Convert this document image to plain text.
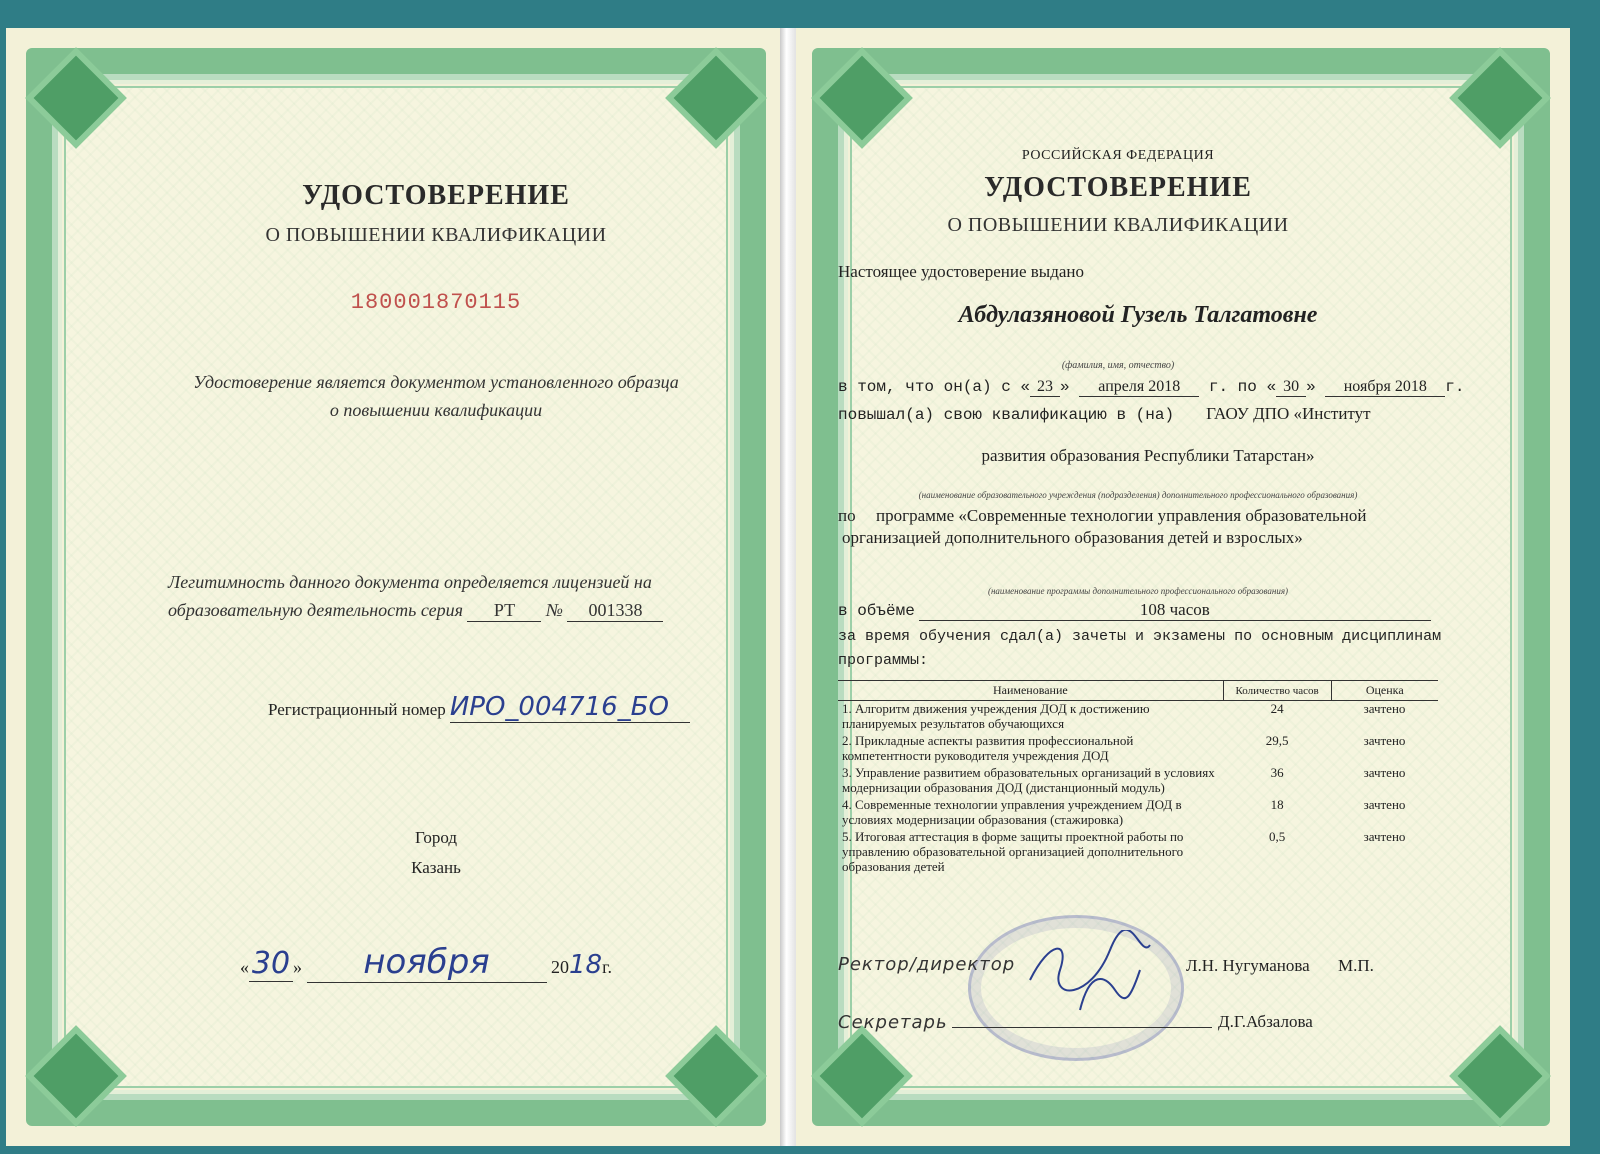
УДОСТОВЕРЕНИЕ
О ПОВЫШЕНИИ КВАЛИФИКАЦИИ
180001870115
Удостоверение является документом установленного образца
о повышении квалификации
Легитимность данного документа определяется лицензией на
образовательную деятельность серия РТ № 001338
Регистрационный номер ИРО_004716_БО
Город
Казань
«30 » ноября	2018г.
РОССИЙСКАЯ ФЕДЕРАЦИЯ
УДОСТОВЕРЕНИЕ
О ПОВЫШЕНИИ КВАЛИФИКАЦИИ
Настоящее удостоверение выдано
Абдулазяновой Гузель Талгатовне
(фамилия, имя, отчество)
в том, что он(а) с « 23 » апреля 2018 г. по « 30 » ноября 2018 г.
повышал(а) свою квалификацию в (на) ГАОУ ДПО «Институт
развития образования Республики Татарстан»
(наименование образовательного учреждения (подразделения) дополнительного профессионального образования)
по программе «Современные технологии управления образовательной
организацией дополнительного образования детей и взрослых»
(наименование программы дополнительного профессионального образования)
в объёме	108 часов
за время обучения сдал(а) зачеты и экзамены по основным дисциплинам
программы:
Наименование	Количество часов	Оценка
1. Алгоритм движения учреждения ДОД к достижению планируемых результатов обучающихся	24	зачтено
2. Прикладные аспекты развития профессиональной компетентности руководителя учреждения ДОД	29,5	зачтено
3. Управление развитием образовательных организаций в условиях модернизации образования ДОД (дистанционный модуль)	36	зачтено
4. Современные технологии управления учреждением ДОД в условиях модернизации образования (стажировка)	18	зачтено
5. Итоговая аттестация в форме защиты проектной работы по управлению образовательной организацией дополнительного образования детей	0,5	зачтено
Ректор/директор	Л.Н. Нугуманова М.П.
Секретарь	Д.Г.Абзалова
